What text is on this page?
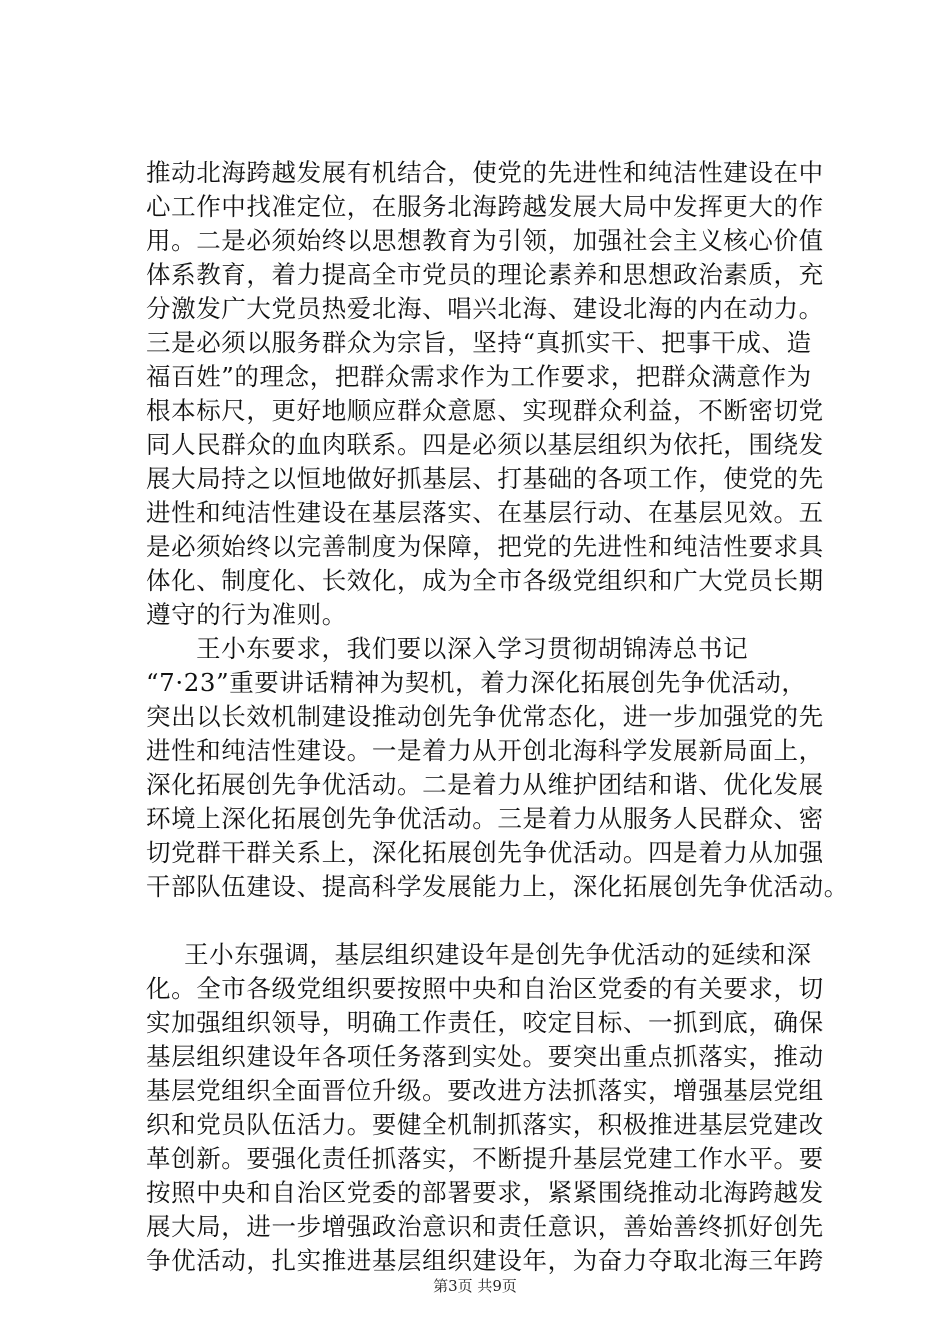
推动北海跨越发展有机结合，使党的先进性和纯洁性建设在中
心工作中找准定位，在服务北海跨越发展大局中发挥更大的作
用。二是必须始终以思想教育为引领，加强社会主义核心价值
体系教育，着力提高全市党员的理论素养和思想政治素质，充
分激发广大党员热爱北海、唱兴北海、建设北海的内在动力。
三是必须以服务群众为宗旨，坚持“真抓实干、把事干成、造
福百姓”的理念，把群众需求作为工作要求，把群众满意作为
根本标尺，更好地顺应群众意愿、实现群众利益，不断密切党
同人民群众的血肉联系。四是必须以基层组织为依托，围绕发
展大局持之以恒地做好抓基层、打基础的各项工作，使党的先
进性和纯洁性建设在基层落实、在基层行动、在基层见效。五
是必须始终以完善制度为保障，把党的先进性和纯洁性要求具
体化、制度化、长效化，成为全市各级党组织和广大党员长期
遵守的行为准则。
王小东要求，我们要以深入学习贯彻胡锦涛总书记
“7·23”重要讲话精神为契机，着力深化拓展创先争优活动，
突出以长效机制建设推动创先争优常态化，进一步加强党的先
进性和纯洁性建设。一是着力从开创北海科学发展新局面上，
深化拓展创先争优活动。二是着力从维护团结和谐、优化发展
环境上深化拓展创先争优活动。三是着力从服务人民群众、密
切党群干群关系上，深化拓展创先争优活动。四是着力从加强
干部队伍建设、提高科学发展能力上，深化拓展创先争优活动。
王小东强调，基层组织建设年是创先争优活动的延续和深
化。全市各级党组织要按照中央和自治区党委的有关要求，切
实加强组织领导，明确工作责任，咬定目标、一抓到底，确保
基层组织建设年各项任务落到实处。要突出重点抓落实，推动
基层党组织全面晋位升级。要改进方法抓落实，增强基层党组
织和党员队伍活力。要健全机制抓落实，积极推进基层党建改
革创新。要强化责任抓落实，不断提升基层党建工作水平。要
按照中央和自治区党委的部署要求，紧紧围绕推动北海跨越发
展大局，进一步增强政治意识和责任意识，善始善终抓好创先
争优活动，扎实推进基层组织建设年，为奋力夺取北海三年跨
第3页 共9页
